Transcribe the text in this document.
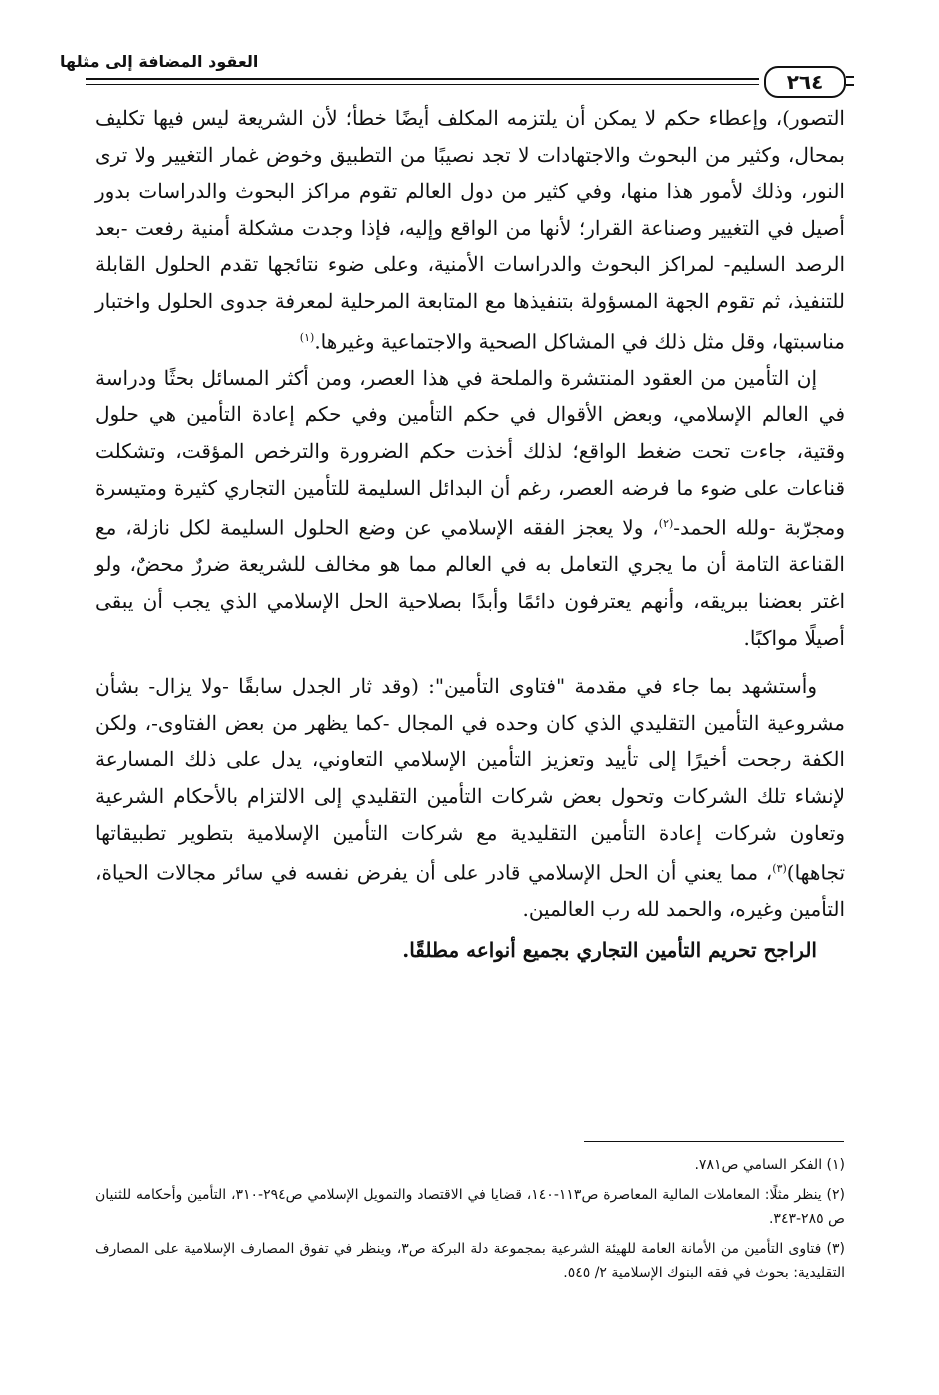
العقود المضافة إلى مثلها
٢٦٤

التصور)، وإعطاء حكم لا يمكن أن يلتزمه المكلف أيضًا خطأ؛ لأن الشريعة ليس فيها تكليف بمحال، وكثير من البحوث والاجتهادات لا تجد نصيبًا من التطبيق وخوض غمار التغيير ولا ترى النور، وذلك لأمور هذا منها، وفي كثير من دول العالم تقوم مراكز البحوث والدراسات بدور أصيل في التغيير وصناعة القرار؛ لأنها من الواقع وإليه، فإذا وجدت مشكلة أمنية رفعت -بعد الرصد السليم- لمراكز البحوث والدراسات الأمنية، وعلى ضوء نتائجها تقدم الحلول القابلة للتنفيذ، ثم تقوم الجهة المسؤولة بتنفيذها مع المتابعة المرحلية لمعرفة جدوى الحلول واختبار مناسبتها، وقل مثل ذلك في المشاكل الصحية والاجتماعية وغيرها.$^{(١)}$

إن التأمين من العقود المنتشرة والملحة في هذا العصر، ومن أكثر المسائل بحثًا ودراسة في العالم الإسلامي، وبعض الأقوال في حكم التأمين وفي حكم إعادة التأمين هي حلول وقتية، جاءت تحت ضغط الواقع؛ لذلك أخذت حكم الضرورة والترخص المؤقت، وتشكلت قناعات على ضوء ما فرضه العصر، رغم أن البدائل السليمة للتأمين التجاري كثيرة ومتيسرة ومجرّبة -ولله الحمد-$^{(٢)}$، ولا يعجز الفقه الإسلامي عن وضع الحلول السليمة لكل نازلة، مع القناعة التامة أن ما يجري التعامل به في العالم مما هو مخالف للشريعة ضررٌ محضٌ، ولو اغتر بعضنا ببريقه، وأنهم يعترفون دائمًا وأبدًا بصلاحية الحل الإسلامي الذي يجب أن يبقى أصيلًا مواكبًا.

وأستشهد بما جاء في مقدمة "فتاوى التأمين": (وقد ثار الجدل سابقًا -ولا يزال- بشأن مشروعية التأمين التقليدي الذي كان وحده في المجال -كما يظهر من بعض الفتاوى-، ولكن الكفة رجحت أخيرًا إلى تأييد وتعزيز التأمين الإسلامي التعاوني، يدل على ذلك المسارعة لإنشاء تلك الشركات وتحول بعض شركات التأمين التقليدي إلى الالتزام بالأحكام الشرعية وتعاون شركات إعادة التأمين التقليدية مع شركات التأمين الإسلامية بتطوير تطبيقاتها تجاهها)$^{(٣)}$، مما يعني أن الحل الإسلامي قادر على أن يفرض نفسه في سائر مجالات الحياة، التأمين وغيره، والحمد لله رب العالمين.

الراجح تحريم التأمين التجاري بجميع أنواعه مطلقًا.

(١) الفكر السامي ص٧٨١.

(٢) ينظر مثلًا: المعاملات المالية المعاصرة ص١١٣-١٤٠، قضايا في الاقتصاد والتمويل الإسلامي ص٢٩٤-٣١٠، التأمين وأحكامه للثنيان ص ٢٨٥-٣٤٣.

(٣) فتاوى التأمين من الأمانة العامة للهيئة الشرعية بمجموعة دلة البركة ص٣، وينظر في تفوق المصارف الإسلامية على المصارف التقليدية: بحوث في فقه البنوك الإسلامية ٢/ ٥٤٥.
